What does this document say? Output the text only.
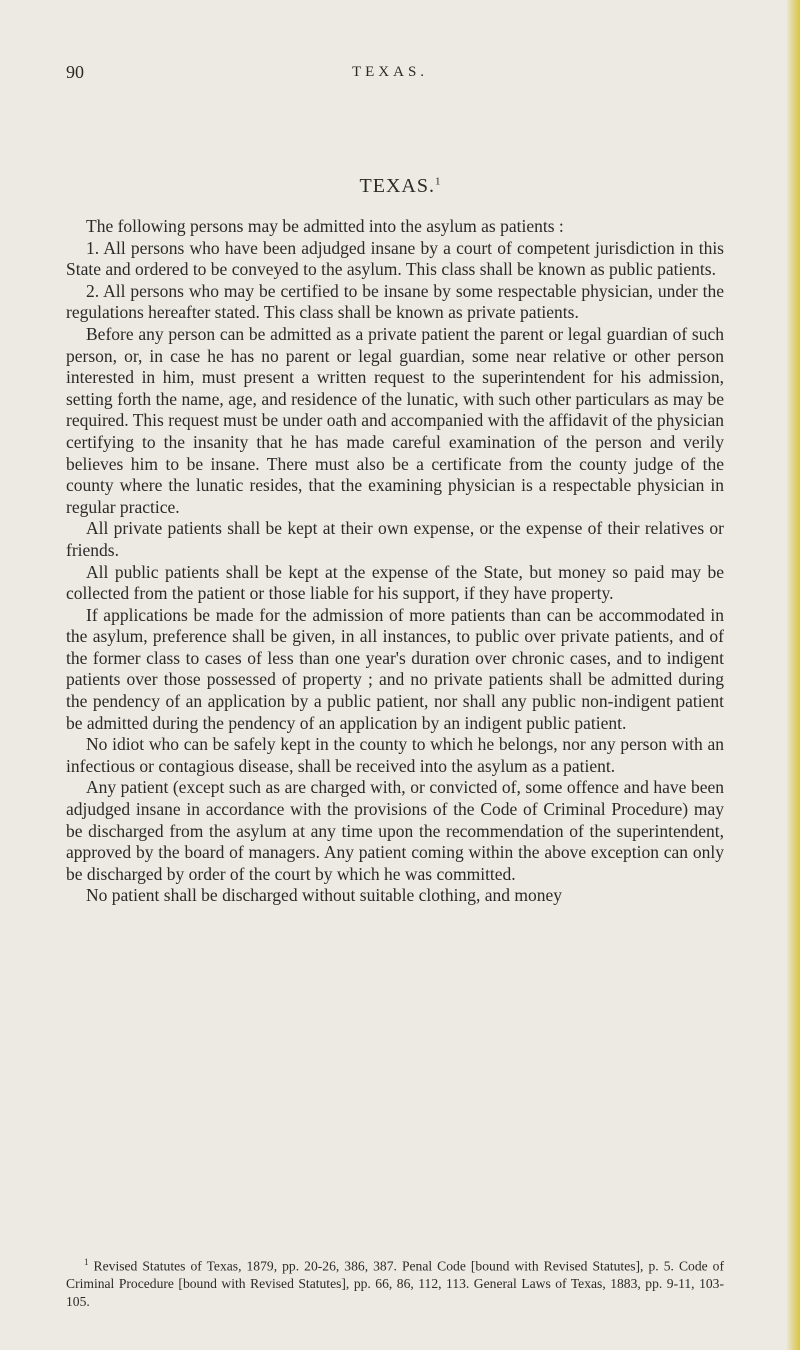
90	TEXAS.
TEXAS.$^1$

The following persons may be admitted into the asylum as patients :

1. All persons who have been adjudged insane by a court of competent jurisdiction in this State and ordered to be conveyed to the asylum. This class shall be known as public patients.

2. All persons who may be certified to be insane by some respectable physician, under the regulations hereafter stated. This class shall be known as private patients.

Before any person can be admitted as a private patient the parent or legal guardian of such person, or, in case he has no parent or legal guardian, some near relative or other person interested in him, must present a written request to the superintendent for his admission, setting forth the name, age, and residence of the lunatic, with such other particulars as may be required. This request must be under oath and accompanied with the affidavit of the physician certifying to the insanity that he has made careful examination of the person and verily believes him to be insane. There must also be a certificate from the county judge of the county where the lunatic resides, that the examining physician is a respectable physician in regular practice.

All private patients shall be kept at their own expense, or the expense of their relatives or friends.

All public patients shall be kept at the expense of the State, but money so paid may be collected from the patient or those liable for his support, if they have property.

If applications be made for the admission of more patients than can be accommodated in the asylum, preference shall be given, in all instances, to public over private patients, and of the former class to cases of less than one year's duration over chronic cases, and to indigent patients over those possessed of property ; and no private patients shall be admitted during the pendency of an application by a public patient, nor shall any public non-indigent patient be admitted during the pendency of an application by an indigent public patient.

No idiot who can be safely kept in the county to which he belongs, nor any person with an infectious or contagious disease, shall be received into the asylum as a patient.

Any patient (except such as are charged with, or convicted of, some offence and have been adjudged insane in accordance with the provisions of the Code of Criminal Procedure) may be discharged from the asylum at any time upon the recommendation of the superintendent, approved by the board of managers. Any patient coming within the above exception can only be discharged by order of the court by which he was committed.

No patient shall be discharged without suitable clothing, and money

$^1$ Revised Statutes of Texas, 1879, pp. 20-26, 386, 387. Penal Code [bound with Revised Statutes], p. 5. Code of Criminal Procedure [bound with Revised Statutes], pp. 66, 86, 112, 113. General Laws of Texas, 1883, pp. 9-11, 103-105.
